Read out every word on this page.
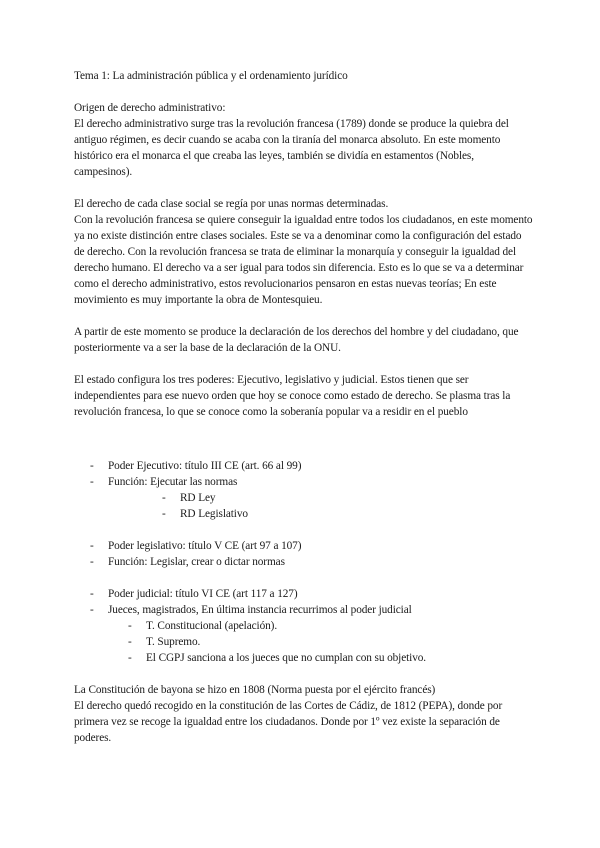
Tema 1: La administración pública y el ordenamiento jurídico

Origen de derecho administrativo:

El derecho administrativo surge tras la revolución francesa (1789) donde se produce la quiebra del antiguo régimen, es decir cuando se acaba con la tiranía del monarca absoluto. En este momento histórico era el monarca el que creaba las leyes, también se dividía en estamentos (Nobles, campesinos).

El derecho de cada clase social se regía por unas normas determinadas.

Con la revolución francesa se quiere conseguir la igualdad entre todos los ciudadanos, en este momento ya no existe distinción entre clases sociales. Este se va a denominar como la configuración del estado de derecho. Con la revolución francesa se trata de eliminar la monarquía y conseguir la igualdad del derecho humano. El derecho va a ser igual para todos sin diferencia. Esto es lo que se va a determinar como el derecho administrativo, estos revolucionarios pensaron en estas nuevas teorías; En este movimiento es muy importante la obra de Montesquieu.

A partir de este momento se produce la declaración de los derechos del hombre y del ciudadano, que posteriormente va a ser la base de la declaración de la ONU.

El estado configura los tres poderes: Ejecutivo, legislativo y judicial. Estos tienen que ser independientes para ese nuevo orden que hoy se conoce como estado de derecho. Se plasma tras la revolución francesa, lo que se conoce como la soberanía popular va a residir en el pueblo

- Poder Ejecutivo: título III CE (art. 66 al 99)
- Función: Ejecutar las normas
- RD Ley
- RD Legislativo
- Poder legislativo: título V CE (art 97 a 107)
- Función: Legislar, crear o dictar normas
- Poder judicial: título VI CE (art 117 a 127)
- Jueces, magistrados, En última instancia recurrimos al poder judicial
- T. Constitucional (apelación).
- T. Supremo.
- El CGPJ sanciona a los jueces que no cumplan con su objetivo.

La Constitución de bayona se hizo en 1808 (Norma puesta por el ejército francés)

El derecho quedó recogido en la constitución de las Cortes de Cádiz, de 1812 (PEPA), donde por primera vez se recoge la igualdad entre los ciudadanos. Donde por 1º vez existe la separación de poderes.
